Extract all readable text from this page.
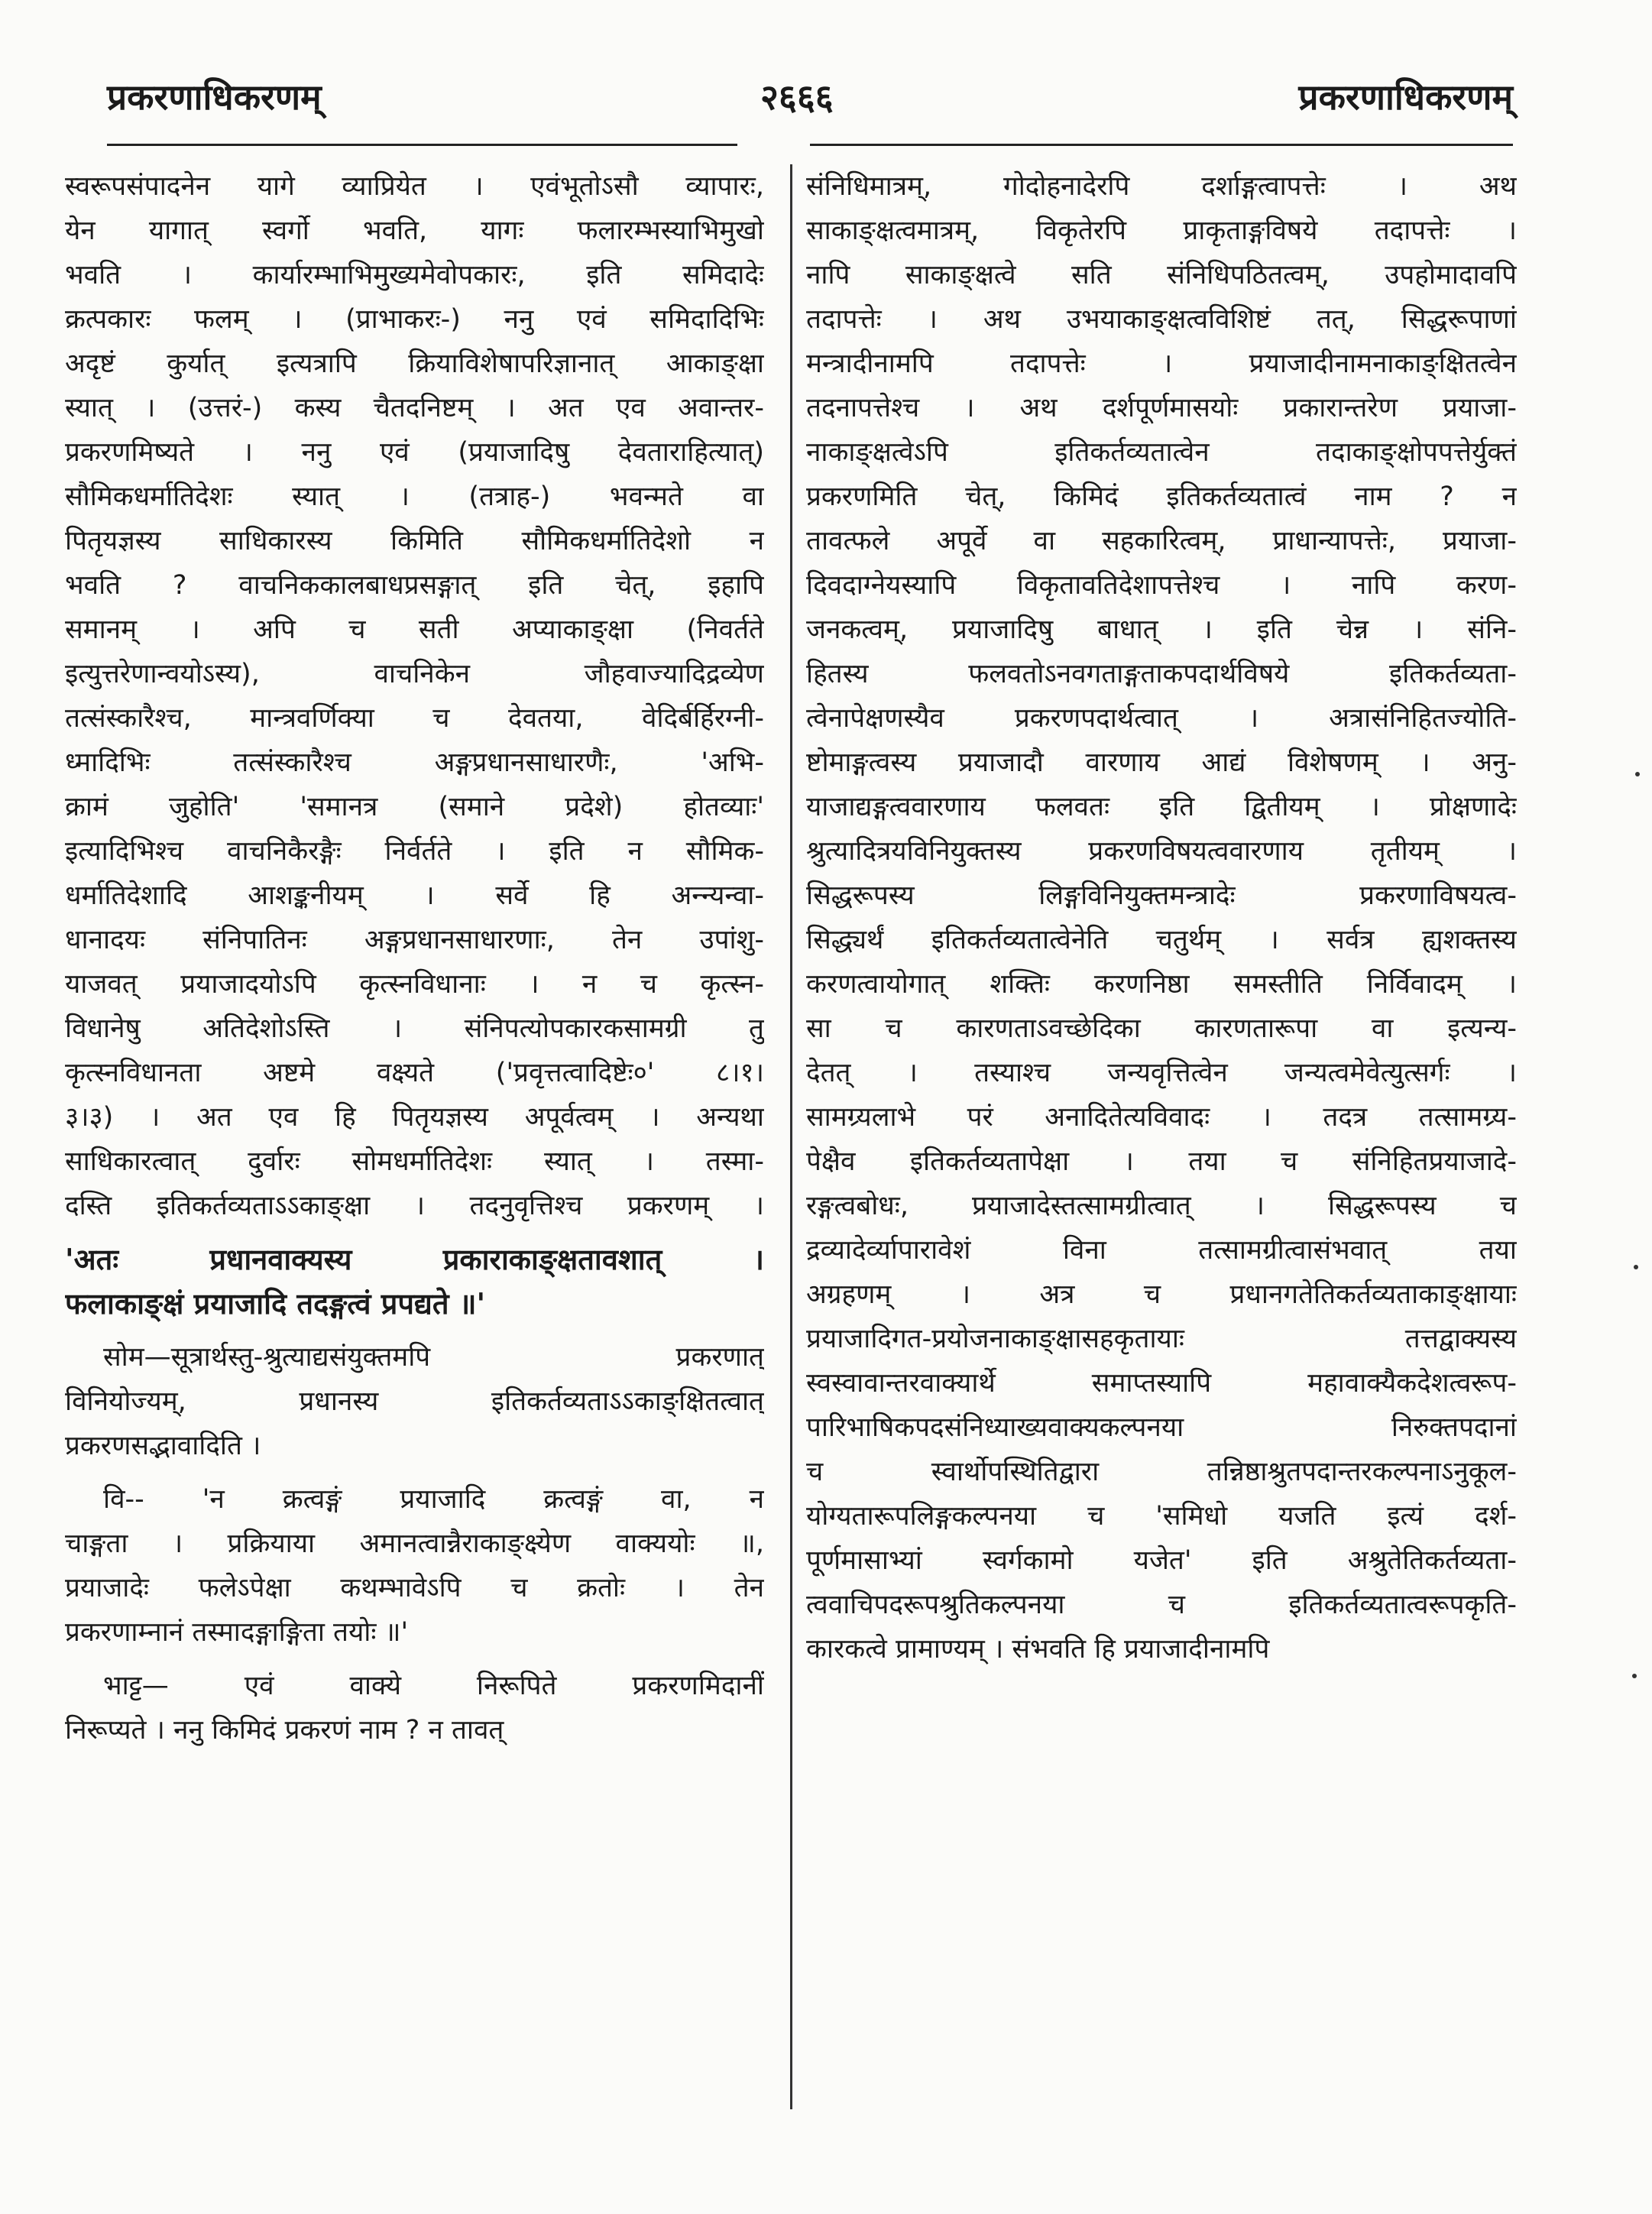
प्रकरणाधिकरणम्	२६६६	प्रकरणाधिकरणम्
स्वरूपसंपादनेन यागे व्याप्रियेत । एवंभूतोऽसौ व्यापारः,
येन यागात् स्वर्गो भवति, यागः फलारम्भस्याभिमुखो
भवति । कार्यारम्भाभिमुख्यमेवोपकारः, इति समिदादेः
क्रत्पकारः फलम् । (प्राभाकरः-) ननु एवं समिदादिभिः
अदृष्टं कुर्यात् इत्यत्रापि क्रियाविशेषापरिज्ञानात् आकाङ्क्षा
स्यात् । (उत्तरं-) कस्य चैतदनिष्टम् । अत एव अवान्तर-
प्रकरणमिष्यते । ननु एवं (प्रयाजादिषु देवताराहित्यात्)
सौमिकधर्मातिदेशः स्यात् । (तत्राह-) भवन्मते वा
पितृयज्ञस्य साधिकारस्य किमिति सौमिकधर्मातिदेशो न
भवति ? वाचनिककालबाधप्रसङ्गात् इति चेत्, इहापि
समानम् । अपि च सती अप्याकाङ्क्षा (निवर्तते
इत्युत्तरेणान्वयोऽस्य), वाचनिकेन जौहवाज्यादिद्रव्येण
तत्संस्कारैश्च, मान्त्रवर्णिक्या च देवतया, वेदिर्बर्हिरग्नी-
ध्मादिभिः तत्संस्कारैश्च अङ्गप्रधानसाधारणैः, 'अभि-
क्रामं जुहोति' 'समानत्र (समाने प्रदेशे) होतव्याः'
इत्यादिभिश्च वाचनिकैरङ्गैः निर्वर्तते । इति न सौमिक-
धर्मातिदेशादि आशङ्कनीयम् । सर्वे हि अन्न्यन्वा-
धानादयः संनिपातिनः अङ्गप्रधानसाधारणाः, तेन उपांशु-
याजवत् प्रयाजादयोऽपि कृत्स्नविधानाः । न च कृत्स्न-
विधानेषु अतिदेशोऽस्ति । संनिपत्योपकारकसामग्री तु
कृत्स्नविधानता अष्टमे वक्ष्यते ('प्रवृत्तत्वादिष्टेः०' ८।१।
३।३) । अत एव हि पितृयज्ञस्य अपूर्वत्वम् । अन्यथा
साधिकारत्वात् दुर्वारः सोमधर्मातिदेशः स्यात् । तस्मा-
दस्ति इतिकर्तव्यताऽऽकाङ्क्षा । तदनुवृत्तिश्च प्रकरणम् ।
'अतः प्रधानवाक्यस्य प्रकाराकाङ्क्षतावशात् ।
फलाकाङ्क्षं प्रयाजादि तदङ्गत्वं प्रपद्यते ॥'
सोम—सूत्रार्थस्तु-श्रुत्याद्यसंयुक्तमपि प्रकरणात्
विनियोज्यम्, प्रधानस्य इतिकर्तव्यताऽऽकाङ्क्षितत्वात्
प्रकरणसद्भावादिति ।
वि-- 'न क्रत्वङ्गं प्रयाजादि क्रत्वङ्गं वा, न
चाङ्गता । प्रक्रियाया अमानत्वान्नैराकाङ्क्ष्येण वाक्ययोः ॥,
प्रयाजादेः फलेऽपेक्षा कथम्भावेऽपि च क्रतोः । तेन
प्रकरणाम्नानं तस्मादङ्गाङ्गिता तयोः ॥'
भाट्ट— एवं वाक्ये निरूपिते प्रकरणमिदानीं
निरूप्यते । ननु किमिदं प्रकरणं नाम ? न तावत्
संनिधिमात्रम्, गोदोहनादेरपि दर्शाङ्गत्वापत्तेः । अथ
साकाङ्क्षत्वमात्रम्, विकृतेरपि प्राकृताङ्गविषये तदापत्तेः ।
नापि साकाङ्क्षत्वे सति संनिधिपठितत्वम्, उपहोमादावपि
तदापत्तेः । अथ उभयाकाङ्क्षत्वविशिष्टं तत्, सिद्धरूपाणां
मन्त्रादीनामपि तदापत्तेः । प्रयाजादीनामनाकाङ्क्षितत्वेन
तदनापत्तेश्च । अथ दर्शपूर्णमासयोः प्रकारान्तरेण प्रयाजा-
नाकाङ्क्षत्वेऽपि इतिकर्तव्यतात्वेन तदाकाङ्क्षोपपत्तेर्युक्तं
प्रकरणमिति चेत्, किमिदं इतिकर्तव्यतात्वं नाम ? न
तावत्फले अपूर्वे वा सहकारित्वम्, प्राधान्यापत्तेः, प्रयाजा-
दिवदाग्नेयस्यापि विकृतावतिदेशापत्तेश्च । नापि करण-
जनकत्वम्, प्रयाजादिषु बाधात् । इति चेन्न । संनि-
हितस्य फलवतोऽनवगताङ्गताकपदार्थविषये इतिकर्तव्यता-
त्वेनापेक्षणस्यैव प्रकरणपदार्थत्वात् । अत्रासंनिहितज्योति-
ष्टोमाङ्गत्वस्य प्रयाजादौ वारणाय आद्यं विशेषणम् । अनु-
याजाद्यङ्गत्ववारणाय फलवतः इति द्वितीयम् । प्रोक्षणादेः
श्रुत्यादित्रयविनियुक्तस्य प्रकरणविषयत्ववारणाय तृतीयम् ।
सिद्धरूपस्य लिङ्गविनियुक्तमन्त्रादेः प्रकरणाविषयत्व-
सिद्ध्यर्थं इतिकर्तव्यतात्वेनेति चतुर्थम् । सर्वत्र ह्यशक्तस्य
करणत्वायोगात् शक्तिः करणनिष्ठा समस्तीति निर्विवादम् ।
सा च कारणताऽवच्छेदिका कारणतारूपा वा इत्यन्य-
देतत् । तस्याश्च जन्यवृत्तित्वेन जन्यत्वमेवेत्युत्सर्गः ।
सामग्र्यलाभे परं अनादितेत्यविवादः । तदत्र तत्सामग्र्य-
पेक्षैव इतिकर्तव्यतापेक्षा । तया च संनिहितप्रयाजादे-
रङ्गत्वबोधः, प्रयाजादेस्तत्सामग्रीत्वात् । सिद्धरूपस्य च
द्रव्यादेर्व्यापारावेशं विना तत्सामग्रीत्वासंभवात् तया
अग्रहणम् । अत्र च प्रधानगतेतिकर्तव्यताकाङ्क्षायाः
प्रयाजादिगत-प्रयोजनाकाङ्क्षासहकृतायाः तत्तद्वाक्यस्य
स्वस्वावान्तरवाक्यार्थे समाप्तस्यापि महावाक्यैकदेशत्वरूप-
पारिभाषिकपदसंनिध्याख्यवाक्यकल्पनया निरुक्तपदानां
च स्वार्थोपस्थितिद्वारा तन्निष्ठाश्रुतपदान्तरकल्पनाऽनुकूल-
योग्यतारूपलिङ्गकल्पनया च 'समिधो यजति इत्यं दर्श-
पूर्णमासाभ्यां स्वर्गकामो यजेत' इति अश्रुतेतिकर्तव्यता-
त्ववाचिपदरूपश्रुतिकल्पनया च इतिकर्तव्यतात्वरूपकृति-
कारकत्वे प्रामाण्यम् । संभवति हि प्रयाजादीनामपि
